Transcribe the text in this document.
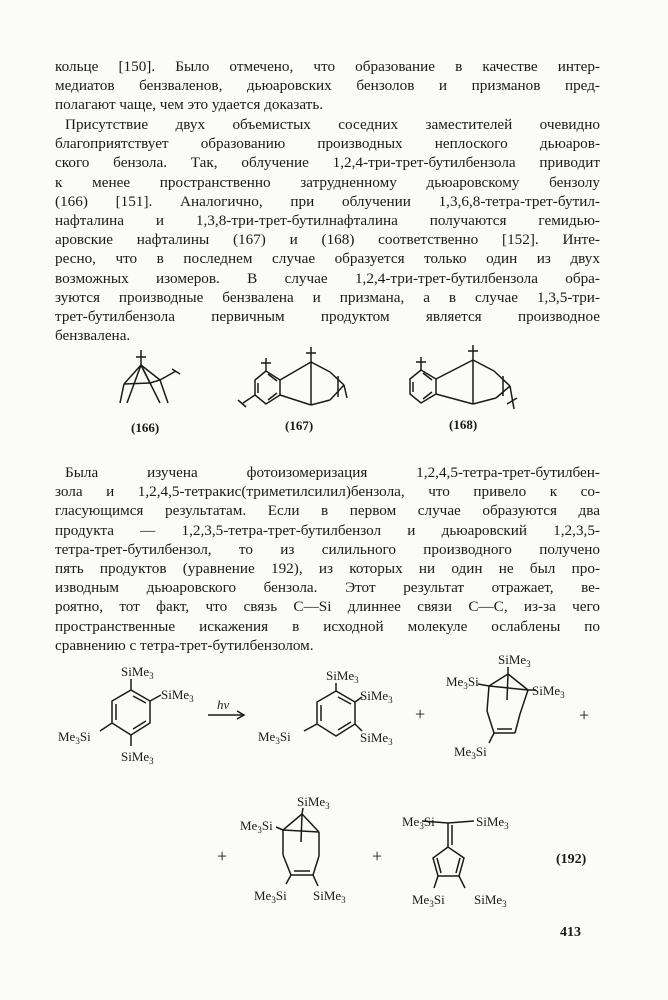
кольце [150]. Было отмечено, что образование в качестве интер-
медиатов бензваленов, дьюаровских бензолов и призманов пред-
полагают чаще, чем это удается доказать.
Присутствие двух объемистых соседних заместителей очевидно
благоприятствует образованию производных неплоского дьюаров-
ского бензола. Так, облучение 1,2,4-три-трет-бутилбензола приводит
к менее пространственно затрудненному дьюаровскому бензолу
(166) [151]. Аналогично, при облучении 1,3,6,8-тетра-трет-бутил-
нафталина и 1,3,8-три-трет-бутилнафталина получаются гемидью-
аровские нафталины (167) и (168) соответственно [152]. Инте-
ресно, что в последнем случае образуется только один из двух
возможных изомеров. В случае 1,2,4-три-трет-бутилбензола обра-
зуются производные бензвалена и призмана, а в случае 1,3,5-три-
трет-бутилбензола первичным продуктом является производное
бензвалена.
Была изучена фотоизомеризация 1,2,4,5-тетра-трет-бутилбен-
зола и 1,2,4,5-тетракис(триметилсилил)бензола, что привело к со-
гласующимся результатам. Если в первом случае образуются два
продукта — 1,2,3,5-тетра-трет-бутилбензол и дьюаровский 1,2,3,5-
тетра-трет-бутилбензол, то из силильного производного получено
пять продуктов (уравнение 192), из которых ни один не был про-
изводным дьюаровского бензола. Этот результат отражает, ве-
роятно, тот факт, что связь C—Si длиннее связи C—C, из-за чего
пространственные искажения в исходной молекуле ослаблены по
сравнению с тетра-трет-бутилбензолом.
(166)	(167)	(168)
SiMe$_3$
SiMe$_3$
$Me_3Si$
SiMe$_3$
hν
SiMe$_3$
SiMe$_3$
SiMe$_3$
$Me_3Si$
+
SiMe$_3$
$Me_3Si$
SiMe$_3$
$Me_3Si$
+
+
SiMe$_3$
$Me_3Si$
$Me_3Si$ SiMe$_3$
+
$Me_3Si$	SiMe$_3$
$Me_3Si$ SiMe$_3$
(192)
413
